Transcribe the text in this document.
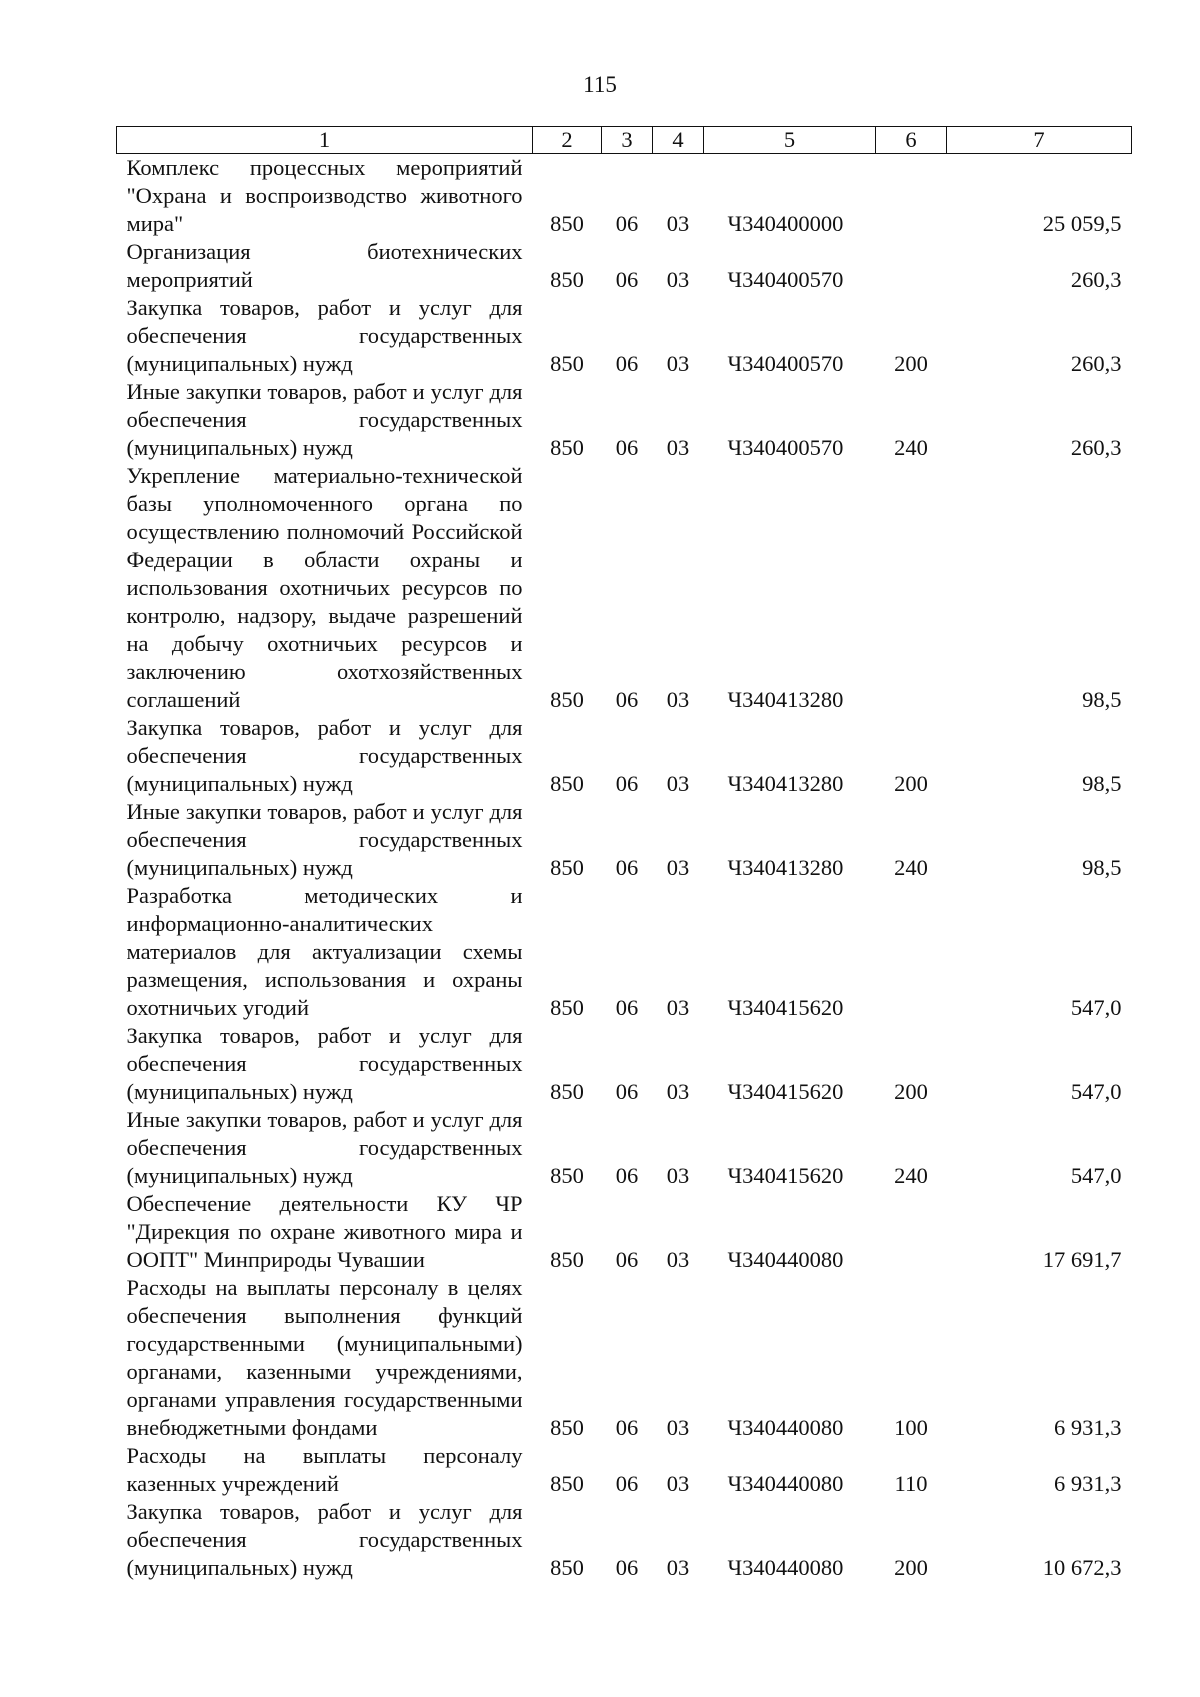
115
1	2	3	4	5	6	7
Комплекс процессных мероприятий "Охрана и воспроизводство животного мира"	850	06	03	Ч340400000		25 059,5
Организация биотехнических мероприятий	850	06	03	Ч340400570		260,3
Закупка товаров, работ и услуг для обеспечения государственных (муниципальных) нужд	850	06	03	Ч340400570	200	260,3
Иные закупки товаров, работ и услуг для обеспечения государственных (муниципальных) нужд	850	06	03	Ч340400570	240	260,3
Укрепление материально-технической базы уполномоченного органа по осуществлению полномочий Российской Федерации в области охраны и использования охотничьих ресурсов по контролю, надзору, выдаче разрешений на добычу охотничьих ресурсов и заключению охотхозяйственных соглашений	850	06	03	Ч340413280		98,5
Закупка товаров, работ и услуг для обеспечения государственных (муниципальных) нужд	850	06	03	Ч340413280	200	98,5
Иные закупки товаров, работ и услуг для обеспечения государственных (муниципальных) нужд	850	06	03	Ч340413280	240	98,5
Разработка методических и информационно-аналитических материалов для актуализации схемы размещения, использования и охраны охотничьих угодий	850	06	03	Ч340415620		547,0
Закупка товаров, работ и услуг для обеспечения государственных (муниципальных) нужд	850	06	03	Ч340415620	200	547,0
Иные закупки товаров, работ и услуг для обеспечения государственных (муниципальных) нужд	850	06	03	Ч340415620	240	547,0
Обеспечение деятельности КУ ЧР "Дирекция по охране животного мира и ООПТ" Минприроды Чувашии	850	06	03	Ч340440080		17 691,7
Расходы на выплаты персоналу в целях обеспечения выполнения функций государственными (муниципальными) органами, казенными учреждениями, органами управления государственными внебюджетными фондами	850	06	03	Ч340440080	100	6 931,3
Расходы на выплаты персоналу казенных учреждений	850	06	03	Ч340440080	110	6 931,3
Закупка товаров, работ и услуг для обеспечения государственных (муниципальных) нужд	850	06	03	Ч340440080	200	10 672,3
